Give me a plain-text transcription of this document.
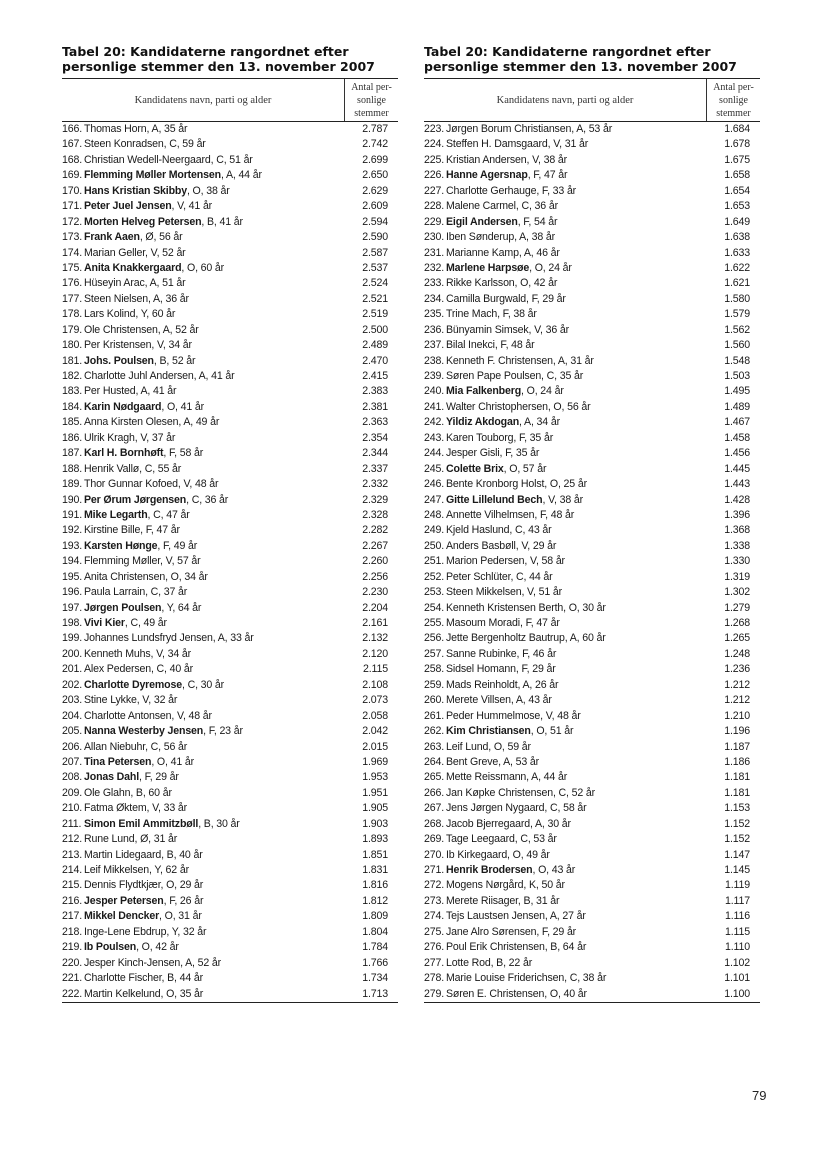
Tabel 20: Kandidaterne rangordnet efter personlige stemmer den 13. november 2007
Kandidatens navn, parti og alder
Antal per-sonlige stemmer
166. Thomas Horn, A, 35 år	2.787
167. Steen Konradsen, C, 59 år	2.742
168. Christian Wedell-Neergaard, C, 51 år	2.699
169. Flemming Møller Mortensen, A, 44 år	2.650
170. Hans Kristian Skibby, O, 38 år	2.629
171. Peter Juel Jensen, V, 41 år	2.609
172. Morten Helveg Petersen, B, 41 år	2.594
173. Frank Aaen, Ø, 56 år	2.590
174. Marian Geller, V, 52 år	2.587
175. Anita Knakkergaard, O, 60 år	2.537
176. Hüseyin Arac, A, 51 år	2.524
177. Steen Nielsen, A, 36 år	2.521
178. Lars Kolind, Y, 60 år	2.519
179. Ole Christensen, A, 52 år	2.500
180. Per Kristensen, V, 34 år	2.489
181. Johs. Poulsen, B, 52 år	2.470
182. Charlotte Juhl Andersen, A, 41 år	2.415
183. Per Husted, A, 41 år	2.383
184. Karin Nødgaard, O, 41 år	2.381
185. Anna Kirsten Olesen, A, 49 år	2.363
186. Ulrik Kragh, V, 37 år	2.354
187. Karl H. Bornhøft, F, 58 år	2.344
188. Henrik Vallø, C, 55 år	2.337
189. Thor Gunnar Kofoed, V, 48 år	2.332
190. Per Ørum Jørgensen, C, 36 år	2.329
191. Mike Legarth, C, 47 år	2.328
192. Kirstine Bille, F, 47 år	2.282
193. Karsten Hønge, F, 49 år	2.267
194. Flemming Møller, V, 57 år	2.260
195. Anita Christensen, O, 34 år	2.256
196. Paula Larrain, C, 37 år	2.230
197. Jørgen Poulsen, Y, 64 år	2.204
198. Vivi Kier, C, 49 år	2.161
199. Johannes Lundsfryd Jensen, A, 33 år	2.132
200. Kenneth Muhs, V, 34 år	2.120
201. Alex Pedersen, C, 40 år	2.115
202. Charlotte Dyremose, C, 30 år	2.108
203. Stine Lykke, V, 32 år	2.073
204. Charlotte Antonsen, V, 48 år	2.058
205. Nanna Westerby Jensen, F, 23 år	2.042
206. Allan Niebuhr, C, 56 år	2.015
207. Tina Petersen, O, 41 år	1.969
208. Jonas Dahl, F, 29 år	1.953
209. Ole Glahn, B, 60 år	1.951
210. Fatma Øktem, V, 33 år	1.905
211. Simon Emil Ammitzbøll, B, 30 år	1.903
212. Rune Lund, Ø, 31 år	1.893
213. Martin Lidegaard, B, 40 år	1.851
214. Leif Mikkelsen, Y, 62 år	1.831
215. Dennis Flydtkjær, O, 29 år	1.816
216. Jesper Petersen, F, 26 år	1.812
217. Mikkel Dencker, O, 31 år	1.809
218. Inge-Lene Ebdrup, Y, 32 år	1.804
219. Ib Poulsen, O, 42 år	1.784
220. Jesper Kinch-Jensen, A, 52 år	1.766
221. Charlotte Fischer, B, 44 år	1.734
222. Martin Kelkelund, O, 35 år	1.713
Tabel 20: Kandidaterne rangordnet efter personlige stemmer den 13. november 2007
Kandidatens navn, parti og alder
Antal per-sonlige stemmer
223. Jørgen Borum Christiansen, A, 53 år	1.684
224. Steffen H. Damsgaard, V, 31 år	1.678
225. Kristian Andersen, V, 38 år	1.675
226. Hanne Agersnap, F, 47 år	1.658
227. Charlotte Gerhauge, F, 33 år	1.654
228. Malene Carmel, C, 36 år	1.653
229. Eigil Andersen, F, 54 år	1.649
230. Iben Sønderup, A, 38 år	1.638
231. Marianne Kamp, A, 46 år	1.633
232. Marlene Harpsøe, O, 24 år	1.622
233. Rikke Karlsson, O, 42 år	1.621
234. Camilla Burgwald, F, 29 år	1.580
235. Trine Mach, F, 38 år	1.579
236. Bünyamin Simsek, V, 36 år	1.562
237. Bilal Inekci, F, 48 år	1.560
238. Kenneth F. Christensen, A, 31 år	1.548
239. Søren Pape Poulsen, C, 35 år	1.503
240. Mia Falkenberg, O, 24 år	1.495
241. Walter Christophersen, O, 56 år	1.489
242. Yildiz Akdogan, A, 34 år	1.467
243. Karen Touborg, F, 35 år	1.458
244. Jesper Gisli, F, 35 år	1.456
245. Colette Brix, O, 57 år	1.445
246. Bente Kronborg Holst, O, 25 år	1.443
247. Gitte Lillelund Bech, V, 38 år	1.428
248. Annette Vilhelmsen, F, 48 år	1.396
249. Kjeld Haslund, C, 43 år	1.368
250. Anders Basbøll, V, 29 år	1.338
251. Marion Pedersen, V, 58 år	1.330
252. Peter Schlüter, C, 44 år	1.319
253. Steen Mikkelsen, V, 51 år	1.302
254. Kenneth Kristensen Berth, O, 30 år	1.279
255. Masoum Moradi, F, 47 år	1.268
256. Jette Bergenholtz Bautrup, A, 60 år	1.265
257. Sanne Rubinke, F, 46 år	1.248
258. Sidsel Homann, F, 29 år	1.236
259. Mads Reinholdt, A, 26 år	1.212
260. Merete Villsen, A, 43 år	1.212
261. Peder Hummelmose, V, 48 år	1.210
262. Kim Christiansen, O, 51 år	1.196
263. Leif Lund, O, 59 år	1.187
264. Bent Greve, A, 53 år	1.186
265. Mette Reissmann, A, 44 år	1.181
266. Jan Køpke Christensen, C, 52 år	1.181
267. Jens Jørgen Nygaard, C, 58 år	1.153
268. Jacob Bjerregaard, A, 30 år	1.152
269. Tage Leegaard, C, 53 år	1.152
270. Ib Kirkegaard, O, 49 år	1.147
271. Henrik Brodersen, O, 43 år	1.145
272. Mogens Nørgård, K, 50 år	1.119
273. Merete Riisager, B, 31 år	1.117
274. Tejs Laustsen Jensen, A, 27 år	1.116
275. Jane Alro Sørensen, F, 29 år	1.115
276. Poul Erik Christensen, B, 64 år	1.110
277. Lotte Rod, B, 22 år	1.102
278. Marie Louise Friderichsen, C, 38 år	1.101
279. Søren E. Christensen, O, 40 år	1.100
79
